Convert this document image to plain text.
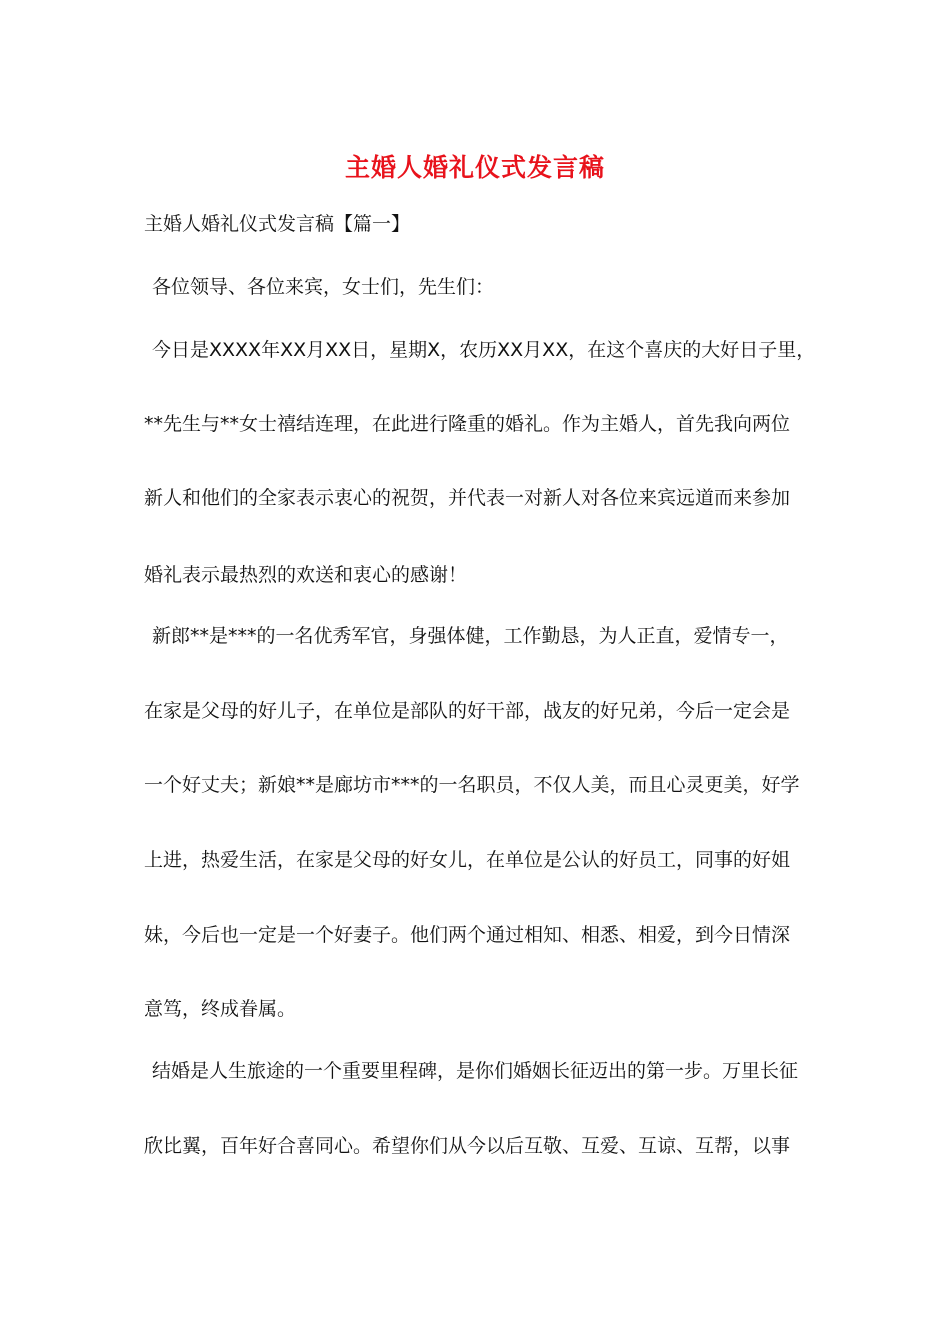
主婚人婚礼仪式发言稿
主婚人婚礼仪式发言稿【篇一】
各位领导、各位来宾，女士们，先生们：
今日是XXXX年XX月XX日，星期X，农历XX月XX，在这个喜庆的大好日子里，
**先生与**女士禧结连理，在此进行隆重的婚礼。作为主婚人，首先我向两位
新人和他们的全家表示衷心的祝贺，并代表一对新人对各位来宾远道而来参加
婚礼表示最热烈的欢送和衷心的感谢！
新郎**是***的一名优秀军官，身强体健，工作勤恳，为人正直，爱情专一，
在家是父母的好儿子，在单位是部队的好干部，战友的好兄弟，今后一定会是
一个好丈夫；新娘**是廊坊市***的一名职员，不仅人美，而且心灵更美，好学
上进，热爱生活，在家是父母的好女儿，在单位是公认的好员工，同事的好姐
妹，今后也一定是一个好妻子。他们两个通过相知、相悉、相爱，到今日情深
意笃，终成眷属。
结婚是人生旅途的一个重要里程碑，是你们婚姻长征迈出的第一步。万里长征
欣比翼，百年好合喜同心。希望你们从今以后互敬、互爱、互谅、互帮，以事
